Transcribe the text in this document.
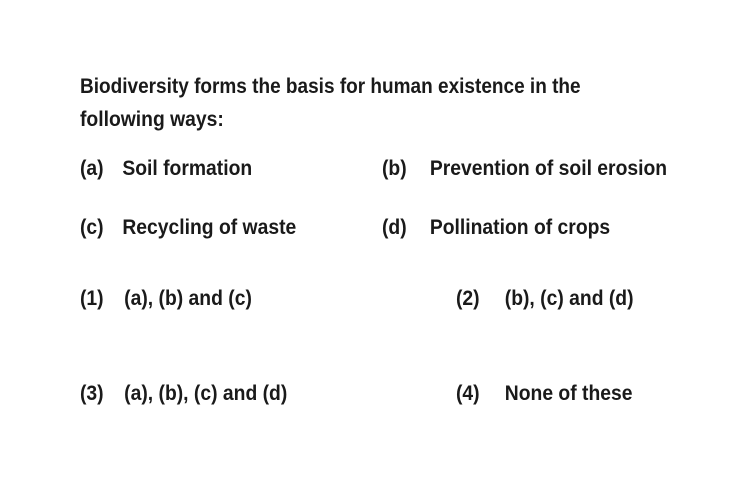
Biodiversity forms the basis for human existence in the
following ways:
(a) Soil formation	(b) Prevention of soil erosion
(c) Recycling of waste	(d) Pollination of crops
(1) (a), (b) and (c)	(2) (b), (c) and (d)
(3) (a), (b), (c) and (d)	(4) None of these
